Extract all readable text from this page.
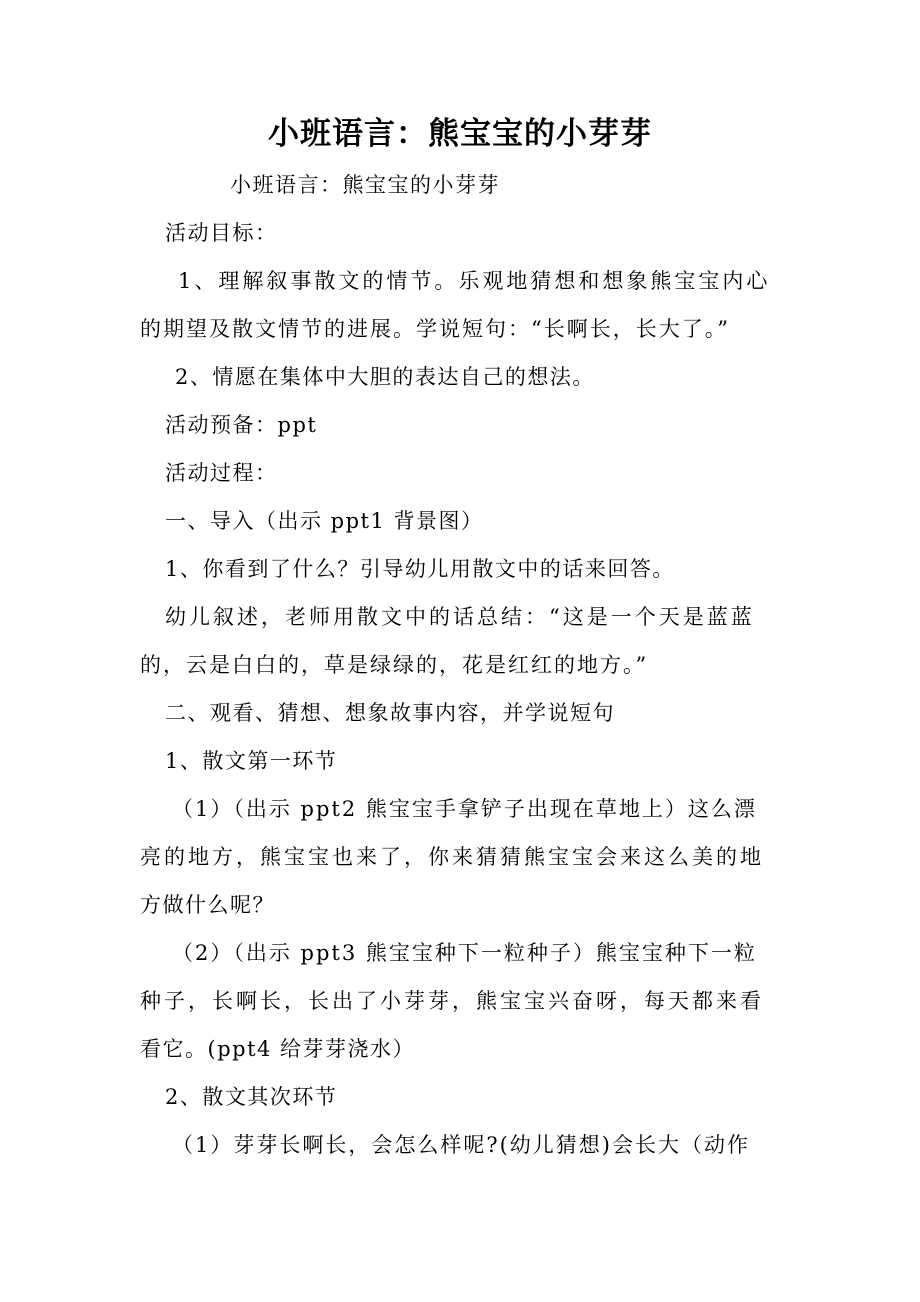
小班语言：熊宝宝的小芽芽
小班语言：熊宝宝的小芽芽
活动目标：
1、理解叙事散文的情节。乐观地猜想和想象熊宝宝内心
的期望及散文情节的进展。学说短句：“长啊长，长大了。”
2、情愿在集体中大胆的表达自己的想法。
活动预备：ppt
活动过程：
一、导入（出示 ppt1 背景图）
1、你看到了什么？引导幼儿用散文中的话来回答。
幼儿叙述，老师用散文中的话总结：“这是一个天是蓝蓝
的，云是白白的，草是绿绿的，花是红红的地方。”
二、观看、猜想、想象故事内容，并学说短句
1、散文第一环节
（1）（出示 ppt2 熊宝宝手拿铲子出现在草地上）这么漂
亮的地方，熊宝宝也来了，你来猜猜熊宝宝会来这么美的地
方做什么呢？
（2）（出示 ppt3 熊宝宝种下一粒种子）熊宝宝种下一粒
种子，长啊长，长出了小芽芽，熊宝宝兴奋呀，每天都来看
看它。(ppt4 给芽芽浇水）
2、散文其次环节
（1）芽芽长啊长，会怎么样呢?(幼儿猜想)会长大（动作
